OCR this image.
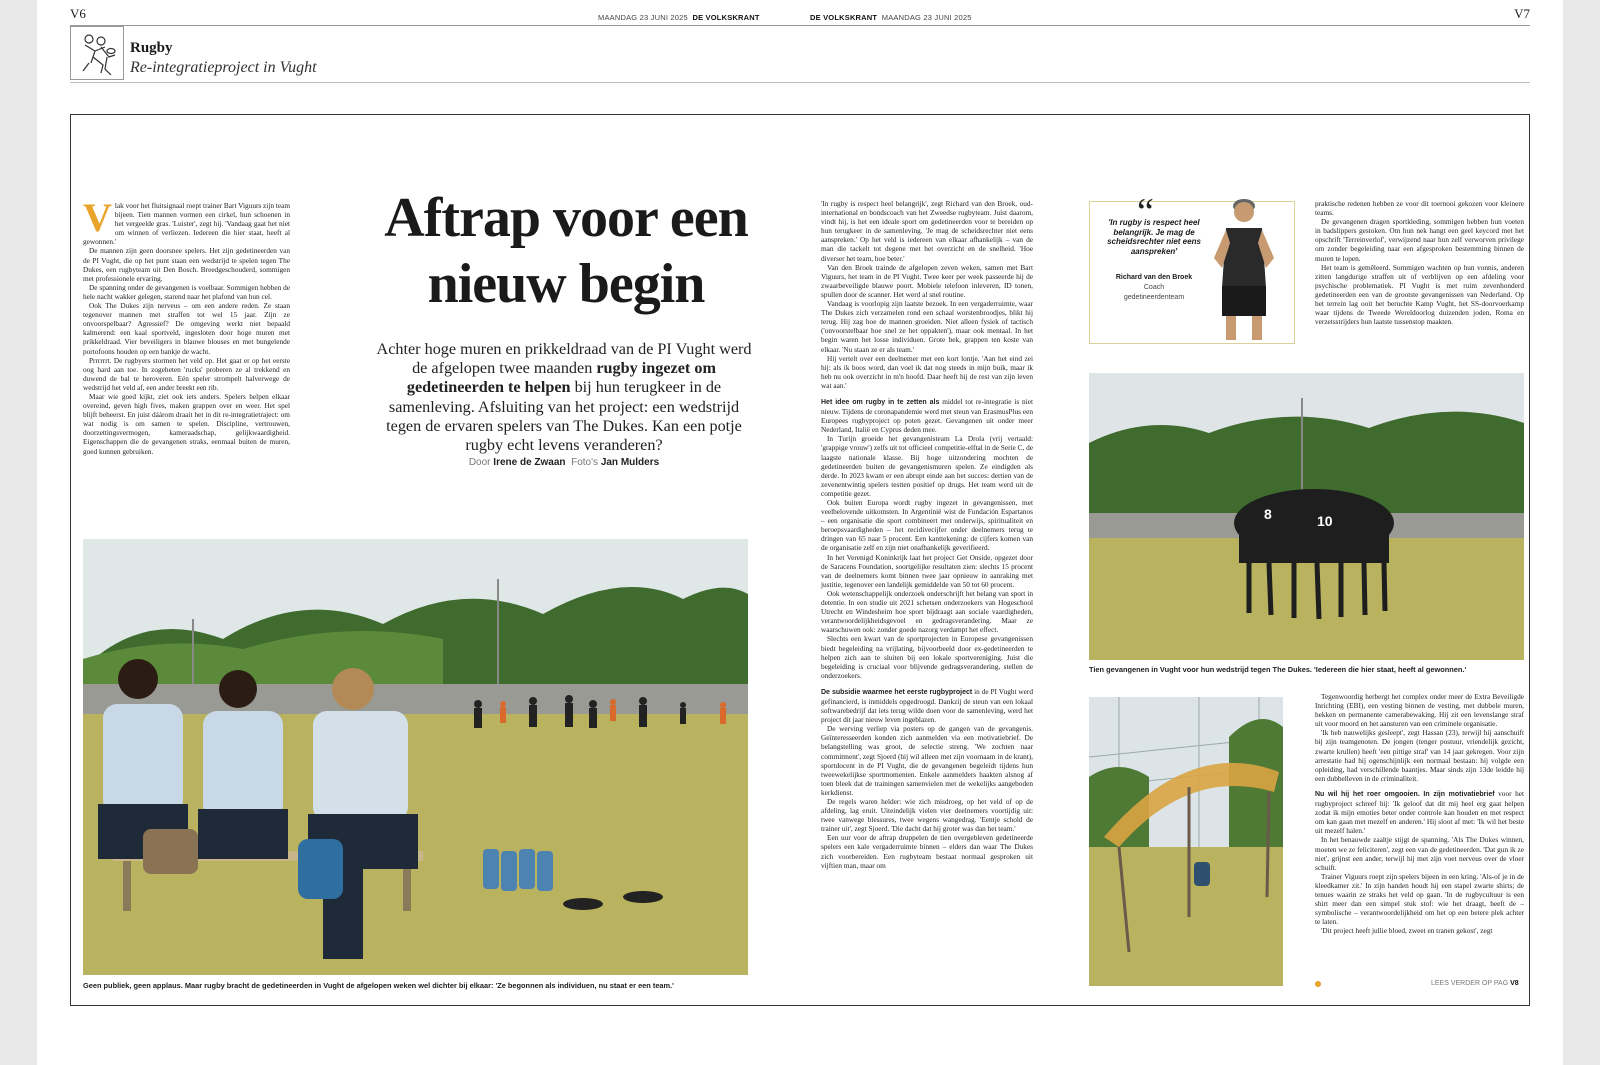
V6	V7
MAANDAG 23 JUNI 2025 DE VOLKSKRANT	DE VOLKSKRANT MAANDAG 23 JUNI 2025
Rugby
Re-integratieproject in Vught
V lak voor het fluitsignaal roept trainer Bart Viguurs zijn team bijeen. Tien mannen vormen een cirkel, hun schoenen in het vergeelde gras. 'Luister', zegt hij. 'Vandaag gaat het niet om winnen of verliezen. Iedereen die hier staat, heeft al gewonnen.'

De mannen zijn geen doorsnee spelers. Het zijn gedetineerden van de PI Vught, die op het punt staan een wedstrijd te spelen tegen The Dukes, een rugbyteam uit Den Bosch. Breedgeschouderd, sommigen met professionele ervaring.

De spanning onder de gevangenen is voelbaar. Sommigen hebben de hele nacht wakker gelegen, starend naar het plafond van hun cel.

Ook The Dukes zijn nerveus – om een andere reden. Ze staan tegenover mannen met straffen tot wel 15 jaar. Zijn ze onvoorspelbaar? Agressief? De omgeving werkt niet bepaald kalmerend: een kaal sportveld, ingesloten door hoge muren met prikkeldraad. Vier beveiligers in blauwe blouses en met bungelende portofoons houden op een bankje de wacht.

Prrrrrrt. De rugbyers stormen het veld op. Het gaat er op het eerste oog hard aan toe. In zogeheten 'rucks' proberen ze al trekkend en duwend de bal te heroveren. Eén speler strompelt halverwege de wedstrijd het veld af, een ander breekt een rib.

Maar wie goed kijkt, ziet ook iets anders. Spelers helpen elkaar overeind, geven high fives, maken grappen over en weer. Het spel blijft beheerst. En juist dáárom draait het in dit re-integratietraject: om wat nodig is om samen te spelen. Discipline, vertrouwen, doorzettingsvermogen, kameraadschap, gelijkwaardigheid. Eigenschappen die de gevangenen straks, eenmaal buiten de muren, goed kunnen gebruiken.

Aftrap voor een
nieuw begin
Achter hoge muren en prikkeldraad van de PI Vught werd de afgelopen twee maanden rugby ingezet om gedetineerden te helpen bij hun terugkeer in de samenleving. Afsluiting van het project: een wedstrijd tegen de ervaren spelers van The Dukes. Kan een potje rugby echt levens veranderen?
Door Irene de Zwaan Foto's Jan Mulders
Geen publiek, geen applaus. Maar rugby bracht de gedetineerden in Vught de afgelopen weken wel dichter bij elkaar: 'Ze begonnen als individuen, nu staat er een team.'

'In rugby is respect heel belangrijk', zegt Richard van den Broek, oud-international en bondscoach van het Zweedse rugbyteam. Juist daarom, vindt hij, is het een ideale sport om gedetineerden voor te bereiden op hun terugkeer in de samenleving. 'Je mag de scheidsrechter niet eens aanspreken.' Op het veld is iedereen van elkaar afhankelijk – van de man die tackelt tot degene met het overzicht en de snelheid. 'Hoe diverser het team, hoe beter.'

Van den Broek trainde de afgelopen zeven weken, samen met Bart Viguurs, het team in de PI Vught. Twee keer per week passeerde hij de zwaarbeveiligde blauwe poort. Mobiele telefoon inleveren, ID tonen, spullen door de scanner. Het werd al snel routine.

Vandaag is voorlopig zijn laatste bezoek. In een vergaderruimte, waar The Dukes zich verzamelen rond een schaal worstenbroodjes, blikt hij terug. Hij zag hoe de mannen groeiden. Niet alleen fysiek of tactisch ('onvoorstelbaar hoe snel ze het oppakten'), maar ook mentaal. In het begin waren het losse individuen. Grote bek, grappen ten koste van elkaar. 'Nu staan ze er als team.'

Hij vertelt over een deelnemer met een kort lontje. 'Aan het eind zei hij: als ik boos word, dan voel ik dat nog steeds in mijn buik, maar ik heb nu ook overzicht in m'n hoofd. Daar heeft hij de rest van zijn leven wat aan.'

Het idee om rugby in te zetten als middel tot re-integratie is niet nieuw. Tijdens de coronapandemie werd met steun van ErasmusPlus een Europees rugbyproject op poten gezet. Gevangenen uit onder meer Nederland, Italië en Cyprus deden mee.

In Turijn groeide het gevangenisteam La Drola (vrij vertaald: 'grappige vrouw') zelfs uit tot officieel competitie-elftal in de Serie C, de laagste nationale klasse. Bij hoge uitzondering mochten de gedetineerden buiten de gevangenismuren spelen. Ze eindigden als derde. In 2023 kwam er een abrupt einde aan het succes: dertien van de zevenentwintig spelers testten positief op drugs. Het team werd uit de competitie gezet.

Ook buiten Europa wordt rugby ingezet in gevangenissen, met veelbelovende uitkomsten. In Argentinië wist de Fundación Espartanos – een organisatie die sport combineert met onderwijs, spiritualiteit en beroepsvaardigheden – het recidivecijfer onder deelnemers terug te dringen van 65 naar 5 procent. Een kanttekening: de cijfers komen van de organisatie zelf en zijn niet onafhankelijk geverifieerd.

In het Verenigd Koninkrijk laat het project Get Onside, opgezet door de Saracens Foundation, soortgelijke resultaten zien: slechts 15 procent van de deelnemers komt binnen twee jaar opnieuw in aanraking met justitie, tegenover een landelijk gemiddelde van 50 tot 60 procent.

Ook wetenschappelijk onderzoek onderschrijft het belang van sport in detentie. In een studie uit 2021 schetsen onderzoekers van Hogeschool Utrecht en Windesheim hoe sport bijdraagt aan sociale vaardigheden, verantwoordelijkheidsgevoel en gedragsverandering. Maar ze waarschuwen ook: zonder goede nazorg verdampt het effect.

Slechts een kwart van de sportprojecten in Europese gevangenissen biedt begeleiding na vrijlating, bijvoorbeeld door ex-gedetineerden te helpen zich aan te sluiten bij een lokale sportvereniging. Juist die begeleiding is cruciaal voor blijvende gedragsverandering, stellen de onderzoekers.

De subsidie waarmee het eerste rugbyproject in de PI Vught werd gefinancierd, is inmiddels opgedroogd. Dankzij de steun van een lokaal softwarebedrijf dat iets terug wilde doen voor de samenleving, werd het project dit jaar nieuw leven ingeblazen.

De werving verliep via posters op de gangen van de gevangenis. Geïnteresseerden konden zich aanmelden via een motivatiebrief. De belangstelling was groot, de selectie streng. 'We zochten naar commitment', zegt Sjoerd (hij wil alleen met zijn voornaam in de krant), sportdocent in de PI Vught, die de gevangenen begeleidt tijdens hun tweewekelijkse sportmomenten. Enkele aanmelders haakten alsnog af toen bleek dat de trainingen samenvielen met de wekelijks aangeboden kerkdienst.

De regels waren helder: wie zich misdroeg, op het veld of op de afdeling, lag eruit. Uiteindelijk vielen vier deelnemers voortijdig uit: twee vanwege blessures, twee wegens wangedrag. 'Eentje schold de trainer uit', zegt Sjoerd. 'Die dacht dat hij groter was dan het team.'

Een uur voor de aftrap druppelen de tien overgebleven gedetineerde spelers een kale vergaderruimte binnen – elders dan waar The Dukes zich voorbereiden. Een rugbyteam bestaat normaal gesproken uit vijftien man, maar om

“
'In rugby is respect heel belangrijk. Je mag de scheidsrechter niet eens aanspreken'
Richard van den Broek
Coach
gedetineerdenteam

praktische redenen hebben ze voor dit toernooi gekozen voor kleinere teams.

De gevangenen dragen sportkleding, sommigen hebben hun voeten in badslippers gestoken. Om hun nek hangt een geel keycord met het opschrift 'Terreinverlof', verwijzend naar hun zelf verworven privilege om zonder begeleiding naar een afgesproken bestemming binnen de muren te lopen.

Het team is gemêleerd. Sommigen wachten op hun vonnis, anderen zitten langdurige straffen uit of verblijven op een afdeling voor psychische problematiek. PI Vught is met ruim zevenhonderd gedetineerden een van de grootste gevangenissen van Nederland. Op het terrein lag ooit het beruchte Kamp Vught, het SS-doorvoerkamp waar tijdens de Tweede Wereldoorlog duizenden joden, Roma en verzetsstrijders hun laatste tussenstop maakten.

10
8
Tien gevangenen in Vught voor hun wedstrijd tegen The Dukes. 'Iedereen die hier staat, heeft al gewonnen.'

Tegenwoordig herbergt het complex onder meer de Extra Beveiligde Inrichting (EBI), een vesting binnen de vesting, met dubbele muren, hekken en permanente camerabewaking. Hij zit een levenslange straf uit voor moord en het aansturen van een criminele organisatie.

'Ik heb nauwelijks gesleept', zegt Hassan (23), terwijl hij aanschuift bij zijn teamgenoten. De jongen (tenger postuur, vriendelijk gezicht, zwarte krullen) heeft 'een pittige straf' van 14 jaar gekregen. Voor zijn arrestatie had hij ogenschijnlijk een normaal bestaan: hij volgde een opleiding, had verschillende baantjes. Maar sinds zijn 13de leidde hij een dubbelleven in de criminaliteit.

Nu wil hij het roer omgooien. In zijn motivatiebrief voor het rugbyproject schreef hij: 'Ik geloof dat dit mij heel erg gaat helpen zodat ik mijn emoties beter onder controle kan houden en met respect om kan gaan met mezelf en anderen.' Hij sloot af met: 'Ik wil het beste uit mezelf halen.'

In het benauwde zaaltje stijgt de spanning. 'Als The Dukes winnen, moeten we ze feliciteren', zegt een van de gedetineerden. 'Dat gun ik ze niet', grijnst een ander, terwijl hij met zijn voet nerveus over de vloer schuift.

Trainer Viguurs roept zijn spelers bijeen in een kring. 'Als-of je in de kleedkamer zit.' In zijn handen houdt hij een stapel zwarte shirts; de tenues waarin ze straks het veld op gaan. 'In de rugbycultuur is een shirt meer dan een simpel stuk stof: wie het draagt, heeft de – symbolische – verantwoordelijkheid om het op een betere plek achter te laten.

'Dit project heeft jullie bloed, zweet en tranen gekost', zegt

LEES VERDER OP PAG V8
